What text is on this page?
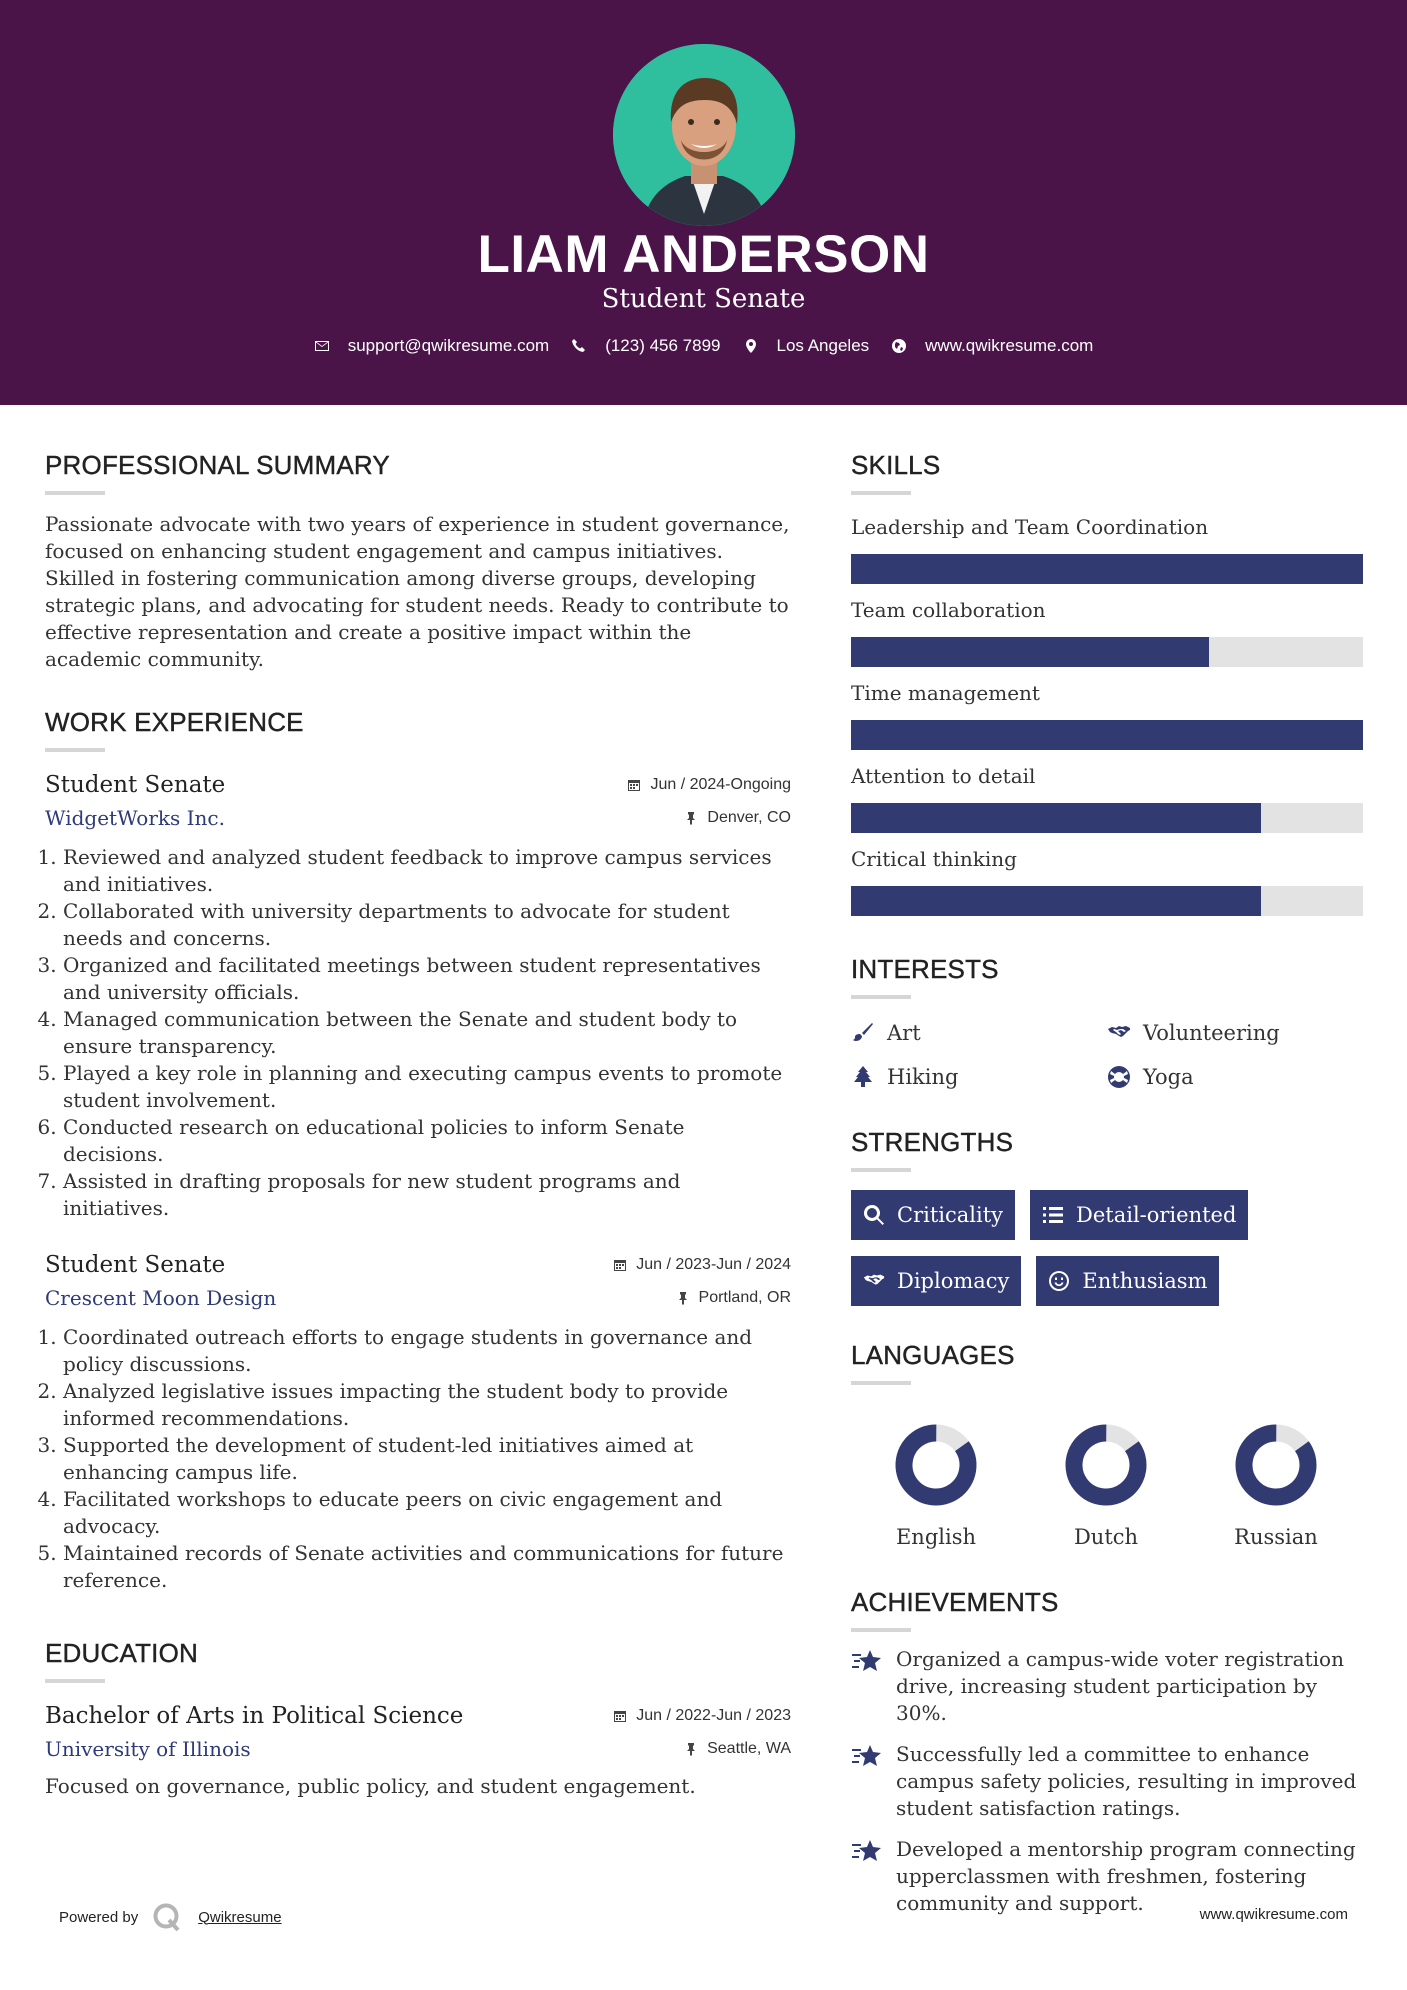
LIAM ANDERSON
Student Senate
support@qwikresume.com	(123) 456 7899	Los Angeles	www.qwikresume.com
PROFESSIONAL SUMMARY

Passionate advocate with two years of experience in student governance, focused on enhancing student engagement and campus initiatives. Skilled in fostering communication among diverse groups, developing strategic plans, and advocating for student needs. Ready to contribute to effective representation and create a positive impact within the academic community.

WORK EXPERIENCE
Student Senate	Jun / 2024-Ongoing
WidgetWorks Inc.	Denver, CO
1. Reviewed and analyzed student feedback to improve campus services and initiatives.
2. Collaborated with university departments to advocate for student needs and concerns.
3. Organized and facilitated meetings between student representatives and university officials.
4. Managed communication between the Senate and student body to ensure transparency.
5. Played a key role in planning and executing campus events to promote student involvement.
6. Conducted research on educational policies to inform Senate decisions.
7. Assisted in drafting proposals for new student programs and initiatives.
Student Senate	Jun / 2023-Jun / 2024
Crescent Moon Design	Portland, OR
1. Coordinated outreach efforts to engage students in governance and policy discussions.
2. Analyzed legislative issues impacting the student body to provide informed recommendations.
3. Supported the development of student-led initiatives aimed at enhancing campus life.
4. Facilitated workshops to educate peers on civic engagement and advocacy.
5. Maintained records of Senate activities and communications for future reference.
EDUCATION
Bachelor of Arts in Political Science	Jun / 2022-Jun / 2023
University of Illinois	Seattle, WA

Focused on governance, public policy, and student engagement.

SKILLS
Leadership and Team Coordination
Team collaboration
Time management
Attention to detail
Critical thinking
INTERESTS
Art	Volunteering
Hiking	Yoga
STRENGTHS
Criticality	Detail-oriented
Diplomacy	Enthusiasm
LANGUAGES
English	Dutch	Russian
ACHIEVEMENTS
Organized a campus-wide voter registration drive, increasing student participation by 30%.
Successfully led a committee to enhance campus safety policies, resulting in improved student satisfaction ratings.
Developed a mentorship program connecting upperclassmen with freshmen, fostering community and support.
Powered by	Qwikresume	www.qwikresume.com
